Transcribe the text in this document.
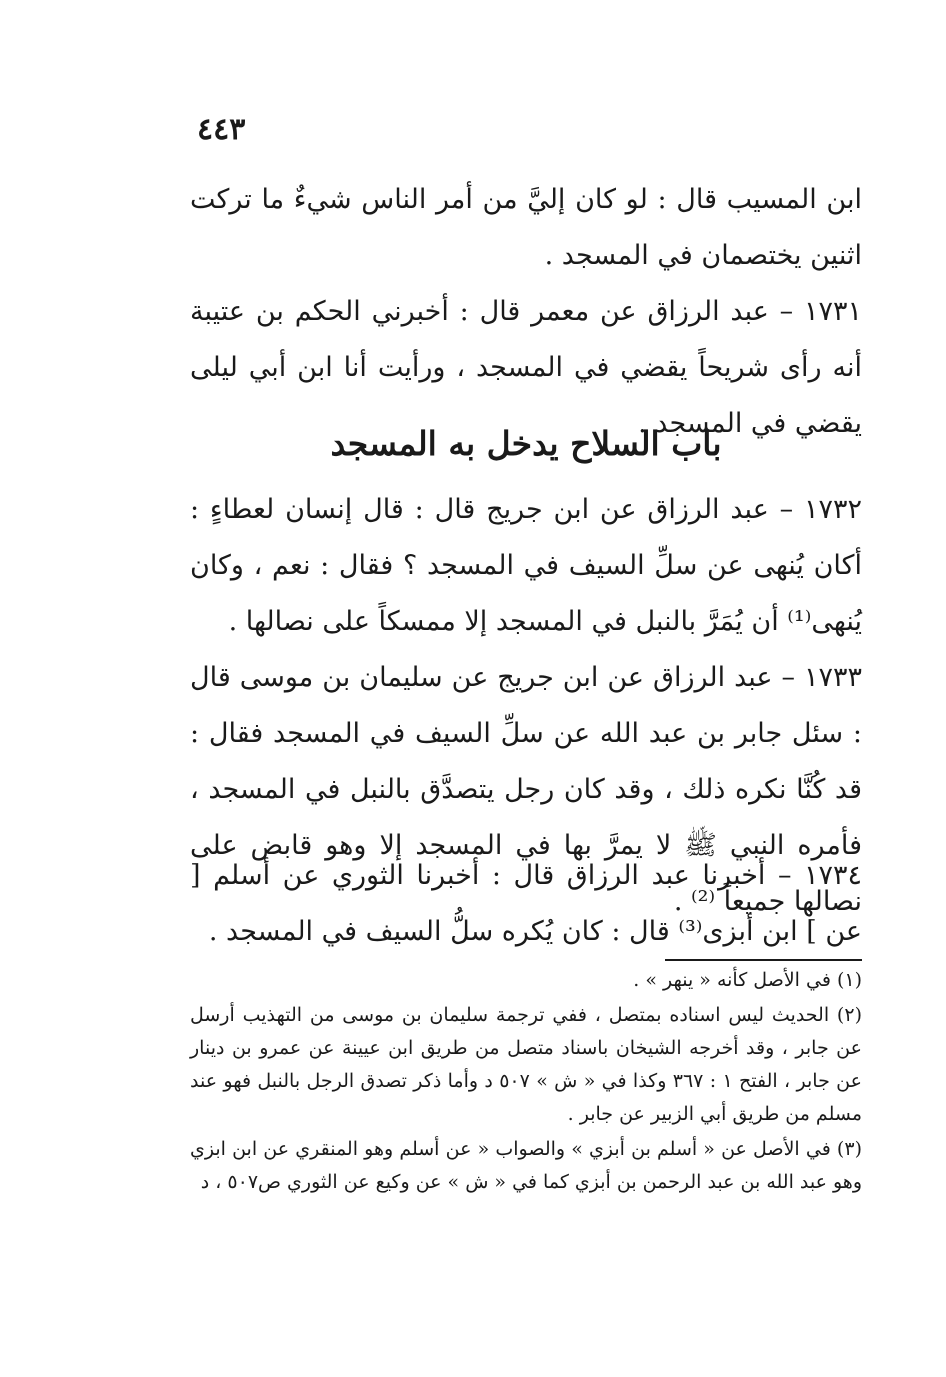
٤٤٣

ابن المسيب قال : لو كان إليَّ من أمر الناس شيءٌ ما تركت اثنين يختصمان في المسجد .

١٧٣١ – عبد الرزاق عن معمر قال : أخبرني الحكم بن عتيبة أنه رأى شريحاً يقضي في المسجد ، ورأيت أنا ابن أبي ليلى يقضي في المسجد .

باب السلاح يدخل به المسجد

١٧٣٢ – عبد الرزاق عن ابن جريج قال : قال إنسان لعطاءٍ : أكان يُنهى عن سلِّ السيف في المسجد ؟ فقال : نعم ، وكان يُنهى⁽¹⁾ أن يُمَرَّ بالنبل في المسجد إلا ممسكاً على نصالها .

١٧٣٣ – عبد الرزاق عن ابن جريج عن سليمان بن موسى قال : سئل جابر بن عبد الله عن سلِّ السيف في المسجد فقال : قد كُنَّا نكره ذلك ، وقد كان رجل يتصدَّق بالنبل في المسجد ، فأمره النبي ﷺ لا يمرَّ بها في المسجد إلا وهو قابض على نصالها جميعاً ⁽²⁾ .

١٧٣٤ – أخبرنا عبد الرزاق قال : أخبرنا الثوري عن أسلم [ عن ] ابن أبزى⁽³⁾ قال : كان يُكره سلُّ السيف في المسجد .

(١) في الأصل كأنه « ينهر » .

(٢) الحديث ليس اسناده بمتصل ، ففي ترجمة سليمان بن موسى من التهذيب أرسل عن جابر ، وقد أخرجه الشيخان باسناد متصل من طريق ابن عيينة عن عمرو بن دينار عن جابر ، الفتح ١ : ٣٦٧ وكذا في « ش » ٥٠٧ د وأما ذكر تصدق الرجل بالنبل فهو عند مسلم من طريق أبي الزبير عن جابر .

(٣) في الأصل عن « أسلم بن أبزي » والصواب « عن أسلم وهو المنقري عن ابن ابزي وهو عبد الله بن عبد الرحمن بن أبزي كما في « ش » عن وكيع عن الثوري ص٥٠٧ ، د
